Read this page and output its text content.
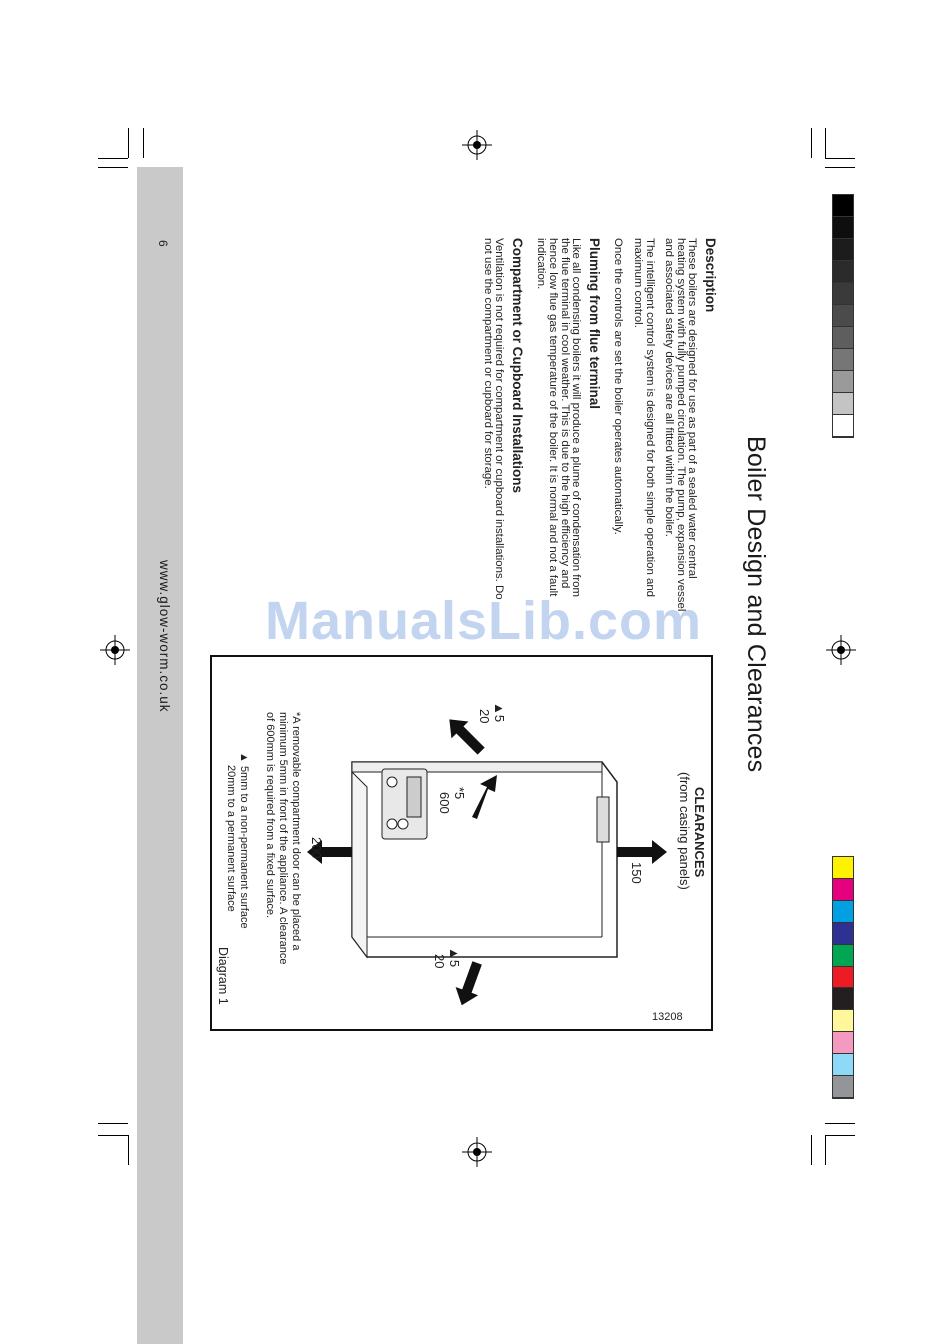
Boiler Design and Clearances
Description

These boilers are designed for use as part of a sealed water central heating system with fully pumped circulation. The pump, expansion vessel and associated safety devices are all fitted within the boiler.

The intelligent control system is designed for both simple operation and maximum control.

Once the controls are set the boiler operates automatically.

Pluming from flue terminal

Like all condensing boilers it will produce a plume of condensation from the flue terminal in cool weather. This is due to the high efficiency and hence low flue gas temperature of the boiler. It is normal and not a fault indication.

Compartment or Cupboard Installations

Ventilation is not required for compartment or cupboard installations. Do not use the compartment or cupboard for storage.

CLEARANCES
(from casing panels)
150
200
*5
600
▲5
20
▲5
20
*A removable compartment door can be placed a minimum 5mm in front of the appliance. A clearance of 600mm is required from a fixed surface.
▲ 5mm to a non-permanent surface
20mm to a permanent surface
Diagram 1
13208
ManualsLib.com
www.glow-worm.co.uk
6
